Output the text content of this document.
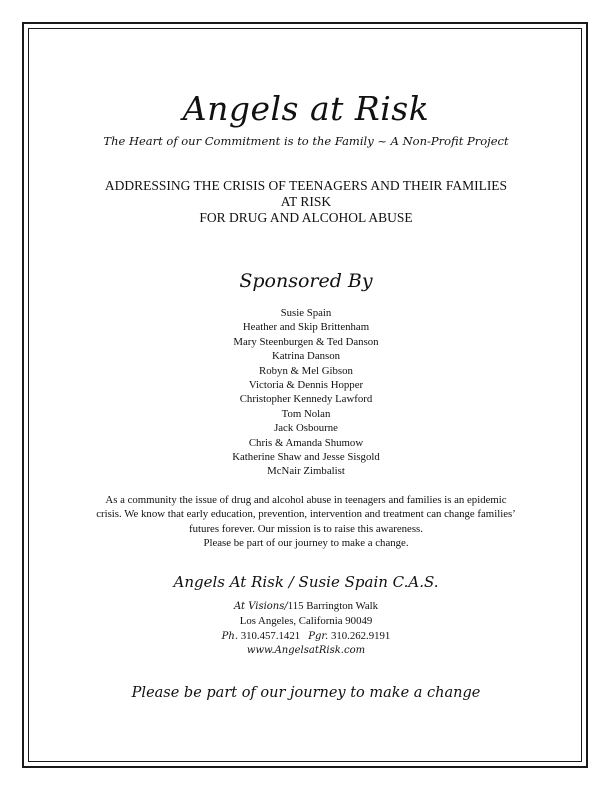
Angels at Risk
The Heart of our Commitment is to the Family ~ A Non-Profit Project
ADDRESSING THE CRISIS OF TEENAGERS AND THEIR FAMILIES
AT RISK
FOR DRUG AND ALCOHOL ABUSE
Sponsored By
Susie Spain
Heather and Skip Brittenham
Mary Steenburgen & Ted Danson
Katrina Danson
Robyn & Mel Gibson
Victoria & Dennis Hopper
Christopher Kennedy Lawford
Tom Nolan
Jack Osbourne
Chris & Amanda Shumow
Katherine Shaw and Jesse Sisgold
McNair Zimbalist
As a community the issue of drug and alcohol abuse in teenagers and families is an epidemic
crisis. We know that early education, prevention, intervention and treatment can change families’
futures forever. Our mission is to raise this awareness.
Please be part of our journey to make a change.
Angels At Risk / Susie Spain C.A.S.
At Visions/115 Barrington Walk
Los Angeles, California 90049
Ph. 310.457.1421 Pgr. 310.262.9191
www.AngelsatRisk.com
Please be part of our journey to make a change
